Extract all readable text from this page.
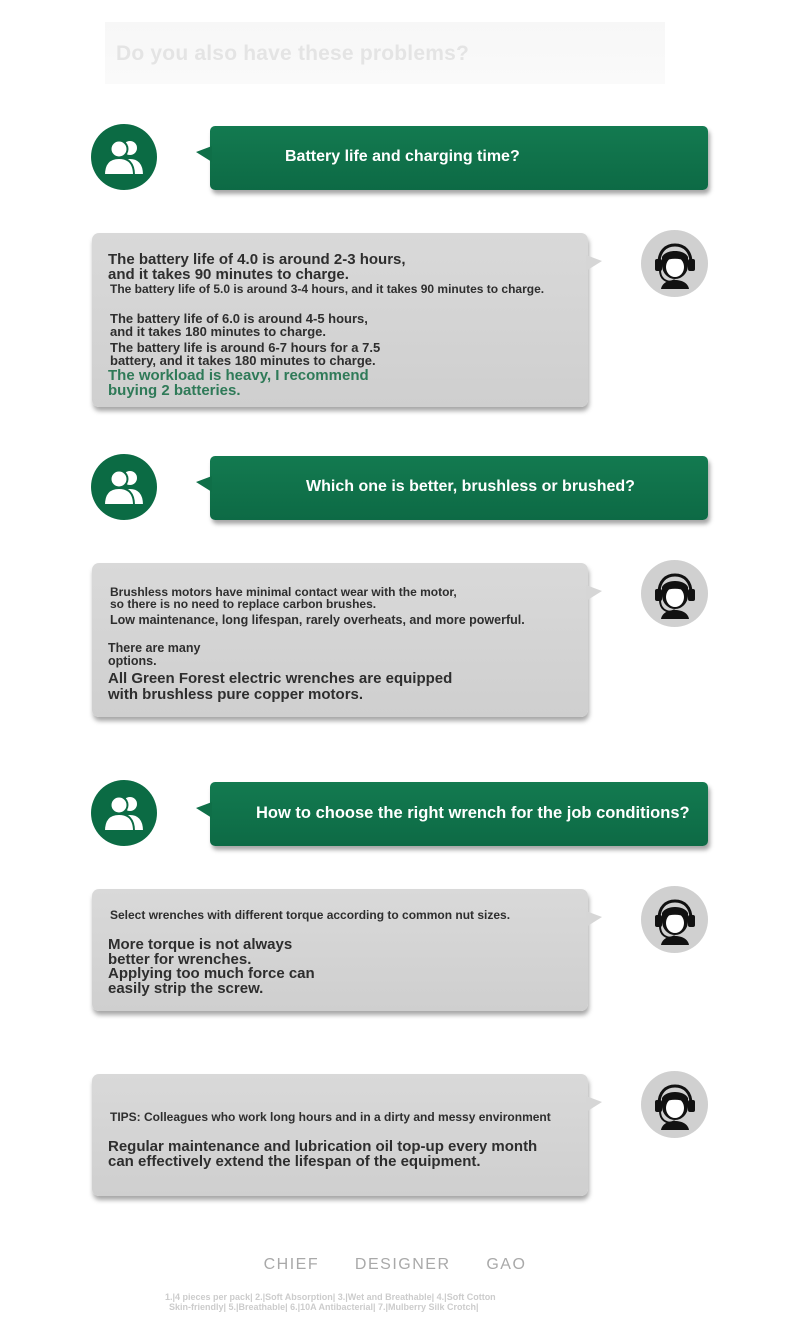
Do you also have these problems?
Battery life and charging time?
The battery life of 4.0 is around 2-3 hours,
and it takes 90 minutes to charge.
The battery life of 5.0 is around 3-4 hours, and it takes 90 minutes to charge.
The battery life of 6.0 is around 4-5 hours,
and it takes 180 minutes to charge.
The battery life is around 6-7 hours for a 7.5
battery, and it takes 180 minutes to charge.
The workload is heavy, I recommend
buying 2 batteries.
Which one is better, brushless or brushed?
Brushless motors have minimal contact wear with the motor,
so there is no need to replace carbon brushes.
Low maintenance, long lifespan, rarely overheats, and more powerful.
There are many
options.
All Green Forest electric wrenches are equipped
with brushless pure copper motors.
How to choose the right wrench for the job conditions?
Select wrenches with different torque according to common nut sizes.
More torque is not always
better for wrenches.
Applying too much force can
easily strip the screw.
TIPS: Colleagues who work long hours and in a dirty and messy environment
Regular maintenance and lubrication oil top-up every month
can effectively extend the lifespan of the equipment.
CHIEF   DESIGNER   GAO
1.|4 pieces per pack| 2.|Soft Absorption| 3.|Wet and Breathable| 4.|Soft Cotton
Skin-friendly| 5.|Breathable| 6.|10A Antibacterial| 7.|Mulberry Silk Crotch|
